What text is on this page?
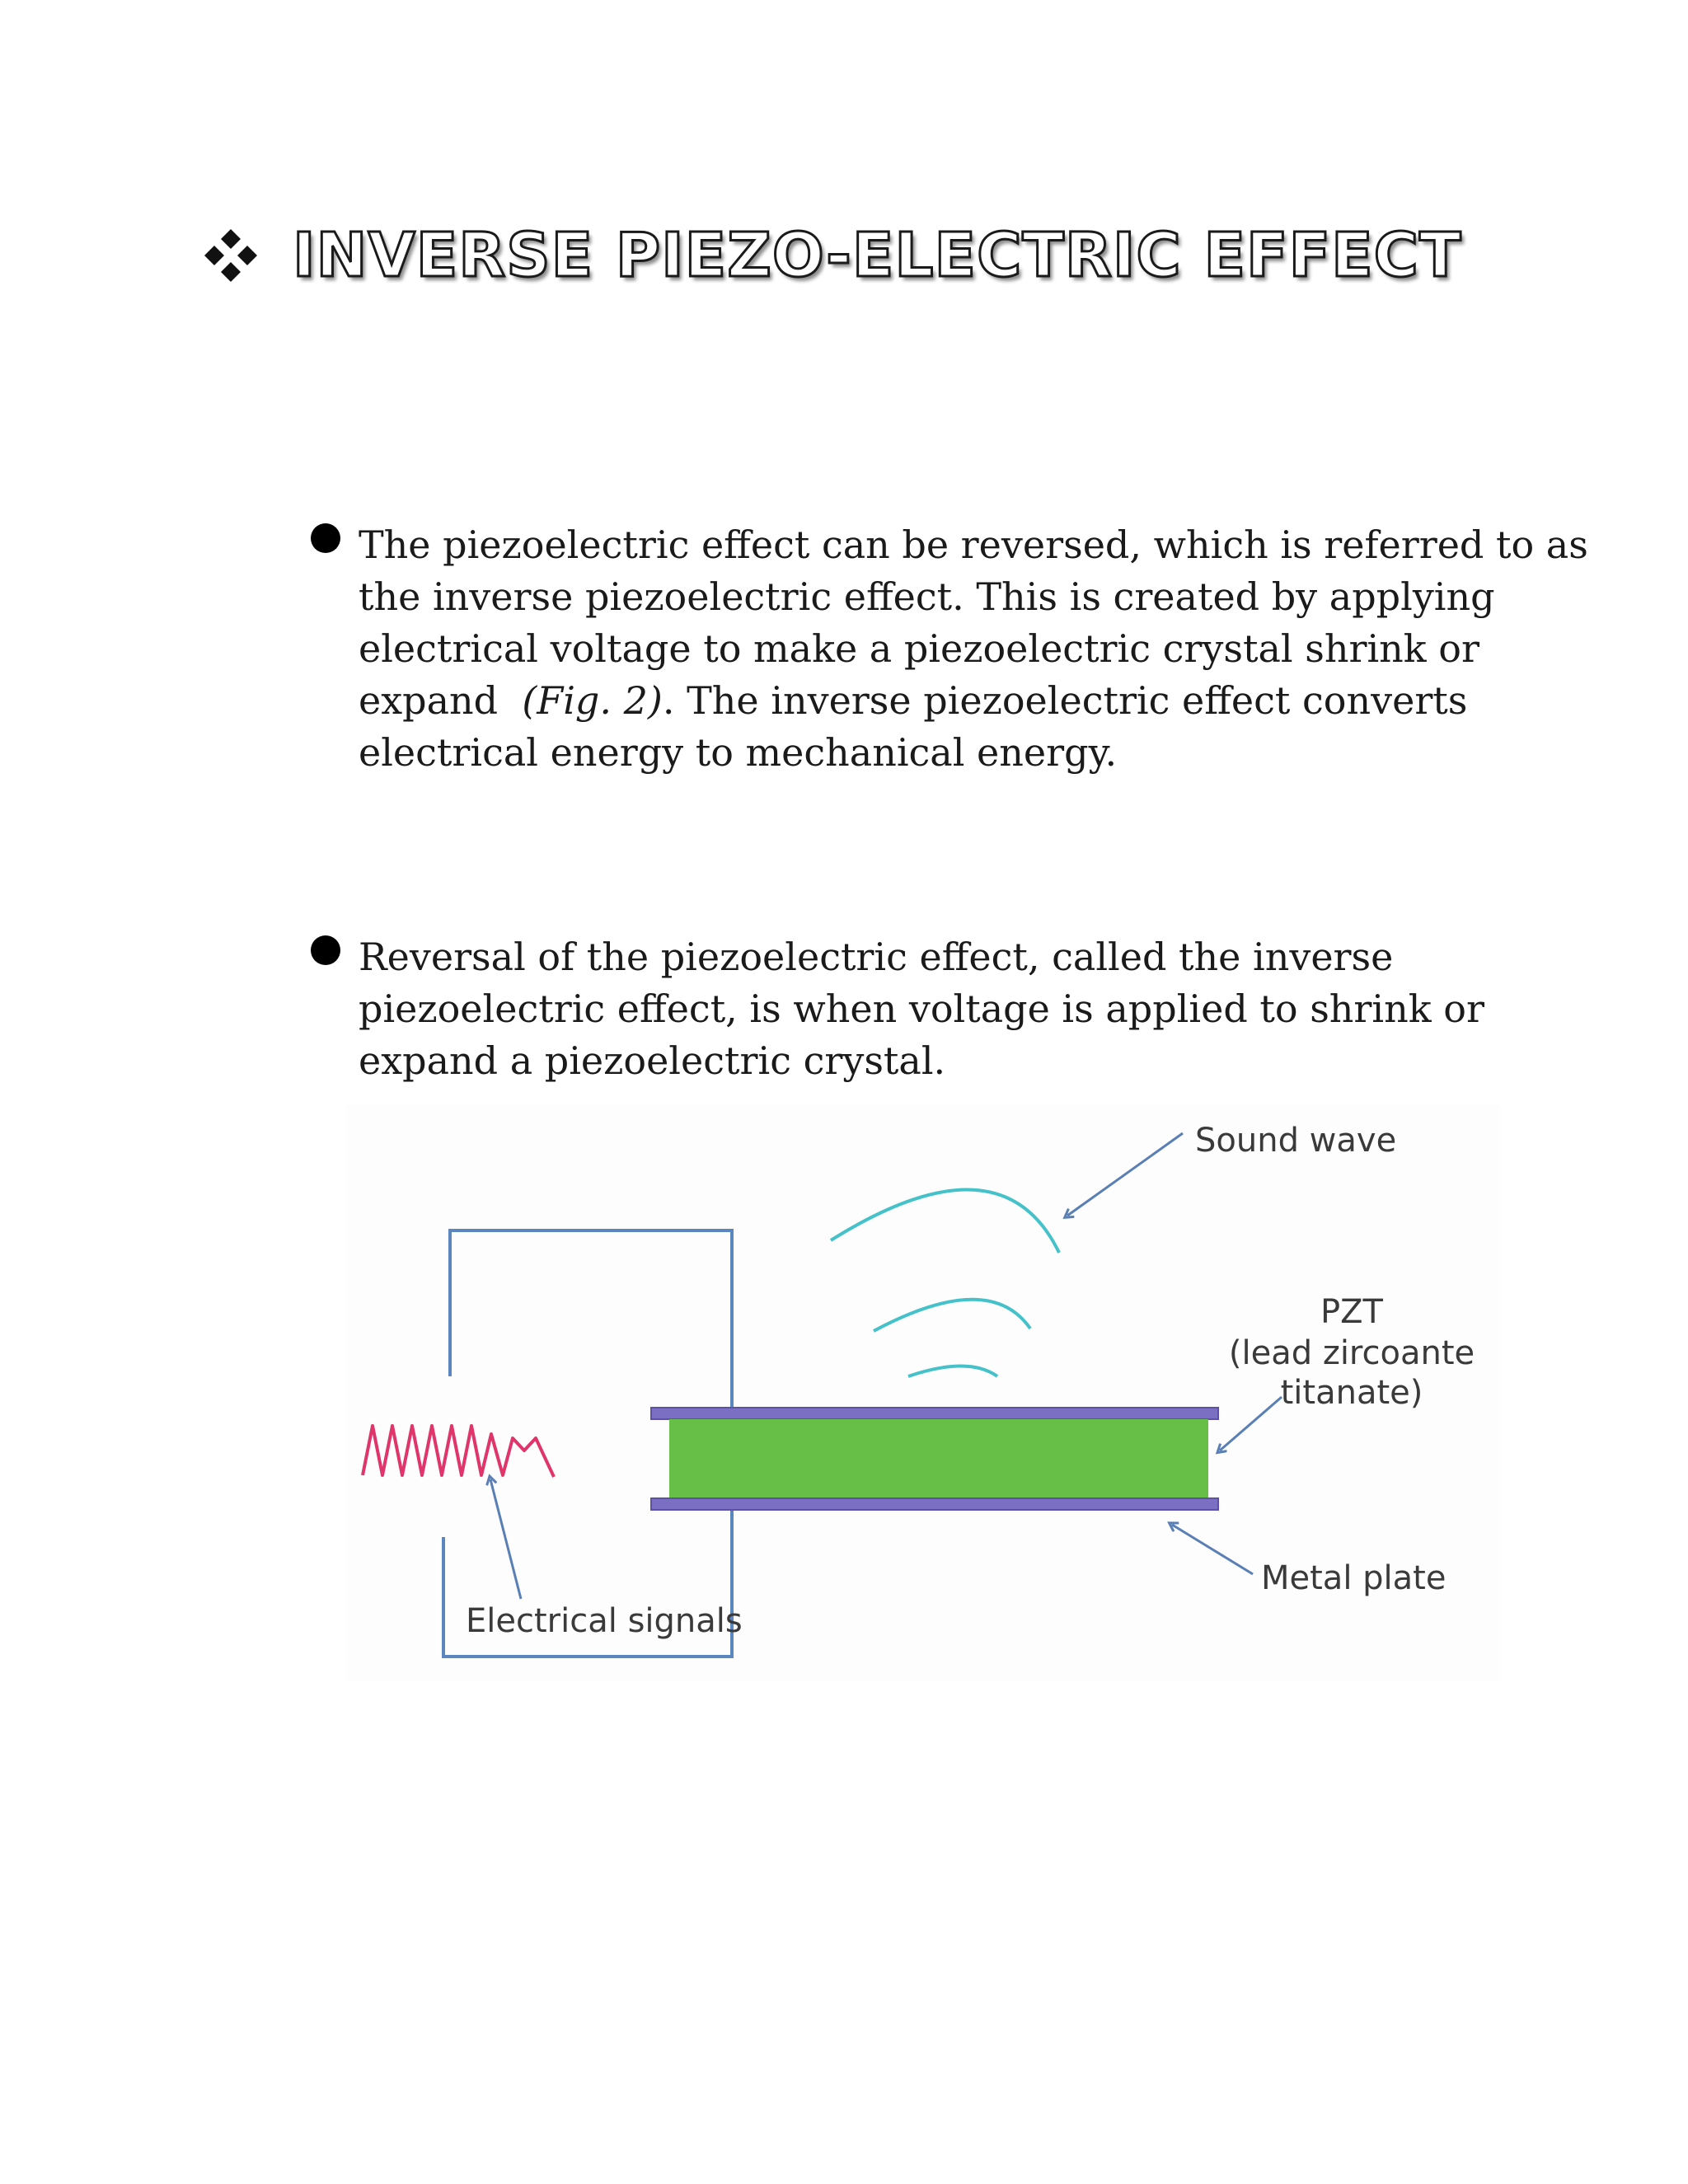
INVERSE PIEZO-ELECTRIC EFFECT
The piezoelectric effect can be reversed, which is referred to as
the inverse piezoelectric effect. This is created by applying
electrical voltage to make a piezoelectric crystal shrink or
expand (Fig. 2). The inverse piezoelectric effect converts
electrical energy to mechanical energy.
Reversal of the piezoelectric effect, called the inverse
piezoelectric effect, is when voltage is applied to shrink or
expand a piezoelectric crystal.
Sound wave
PZT
(lead zircoante
titanate)
Metal plate
Electrical signals
